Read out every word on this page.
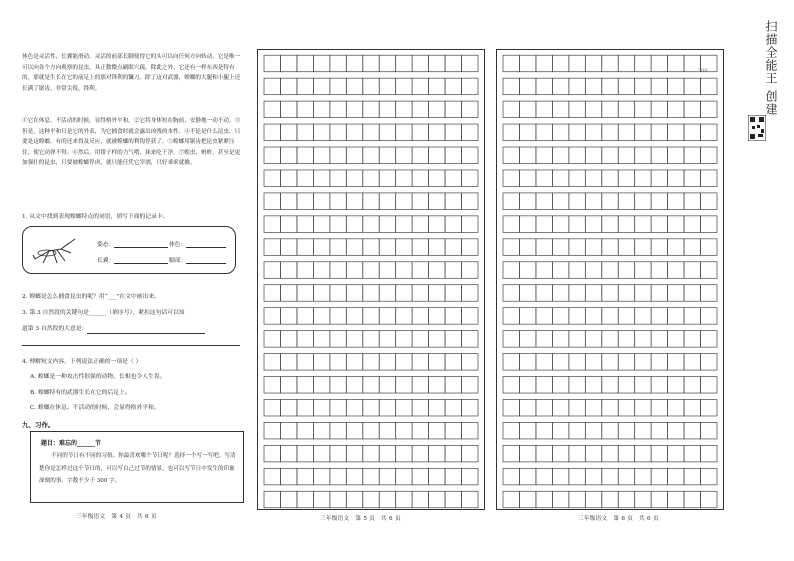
体色是灵活性，长翼能滑动，灵活的前部长脚使得它的头可以向任何方向转动。它是唯一可以向各个方向观察的昆虫，具正数微点刷眼穴疏。除此之外，它还有一样东西是特有的，那就是生长在它的前足上的那对锋利的镰刀。除了这对武器，螳螂的大腿和小腿上还长满了锯齿，非常尖锐，锋利。
①它在休息、不活动的时候，显得格外平和。②它将身体短在胸前，安静地一动不动。③但是，这种平和只是它的外表，为它捕食时就会露出凶残的本性。④不论是什么昆虫，只要是这螳螂，有的还来得及反应，就被螳螂的利钩俘获了。⑤螳螂用锯齿把昆虫紧紧压住，使它动弹不得。⑥然后，用钳子样的力气啃，抹来吃干净。⑦蝗虫、蚂蚱，甚至是更加强壮的昆虫，只要被螳螂俘虏，就只能任凭它宰割，只好乖乖就擒。
1. 从文中找到表现螳螂特点的词语，填写下面的记录卡。
姿态：	体色：
长翼：	脚部：
2. 螳螂是怎么捕食昆虫的呢？用“___”在文中画出来。
3. 第 3 自然段的关键句是______（填序号），紧扣这句话可以知
道第 3 自然段的大意是：
4. 理解短文内容，下列说法正确的一项是（ ）
A. 螳螂是一种攻击性很强的动物，长相也令人生畏。
B. 螳螂特有的武器生长在它的后足上。
C. 螳螂在休息、不活动的时候，会显得格外平和。
九、习作。
题目：难忘的______节
不同的节日有不同的习俗。你最喜欢哪个节日呢？选择一个写一写吧。写清楚你是怎样过这个节日的，可以写自己过节的情景，也可以写节日中发生的印象深刻的事。字数不少于 300 字。
三年级语文　第 4 页　共 6 页
300
三年级语文　第 5 页　共 6 页	三年级语文　第 6 页　共 6 页
扫描全能王 创建
